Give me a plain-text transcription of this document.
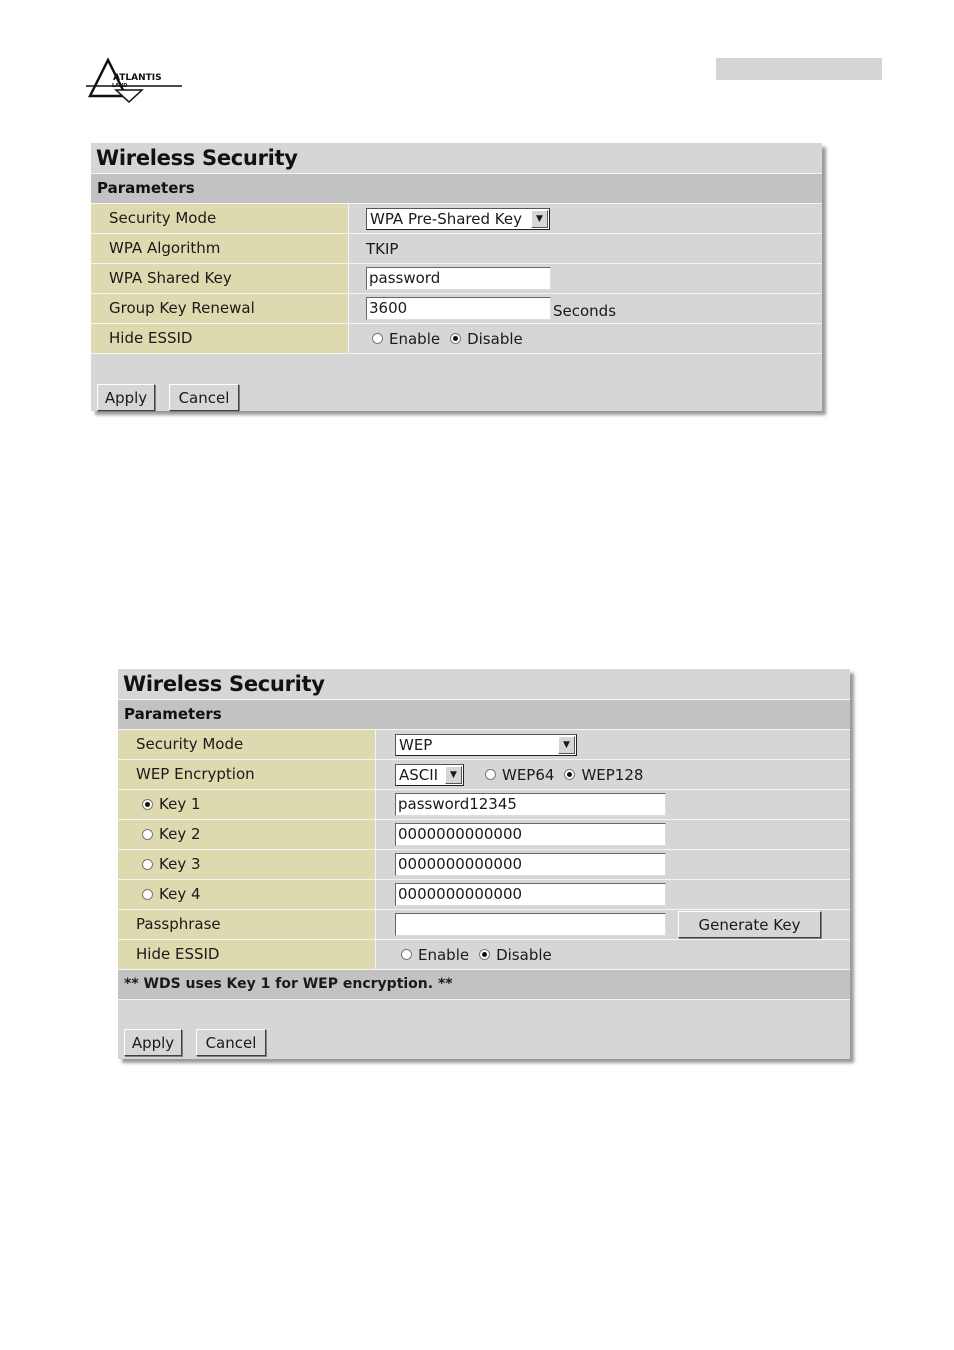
ATLANTIS
LAND
Wireless Security
Parameters
Security Mode	WPA Pre-Shared Key	▼
WPA Algorithm	TKIP
WPA Shared Key	password
Group Key Renewal	3600	Seconds
Hide ESSID	Enable Disable
Apply	Cancel
Wireless Security
Parameters
Security Mode	WEP	▼
WEP Encryption	ASCII	▼	WEP64 WEP128
Key 1	password12345
Key 2	0000000000000
Key 3	0000000000000
Key 4	0000000000000
Passphrase	Generate Key
Hide ESSID	Enable Disable
** WDS uses Key 1 for WEP encryption. **
Apply	Cancel
